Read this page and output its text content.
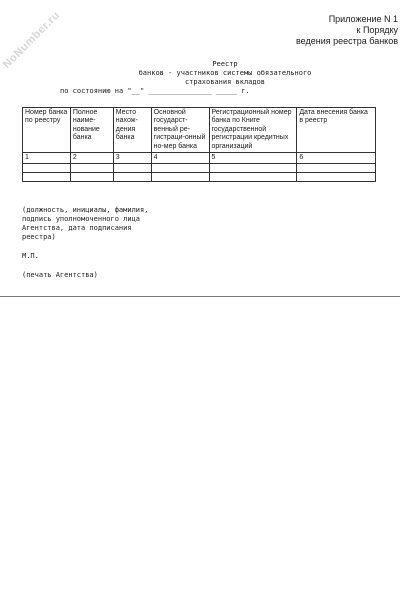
NoNumber.ru	Приложение N 1
к Порядку
ведения реестра банков
Реестр
банков - участников системы обязательного
страхования вкладов
по состоянию на "__" _______________ _____ г.
Номер банка по реестру	Полное наиме-нование банка	Место нахож-дения банка	Основной государст-венный ре-гистраци-онный но-мер банка	Регистрационный номер банка по Книге государственной регистрации кредитных организаций	Дата внесения банка в реестр
1	2	3	4	5	6

(должность, инициалы, фамилия,
подпись уполномоченного лица
Агентства, дата подписания
реестра)
М.П.
(печать Агентства)
